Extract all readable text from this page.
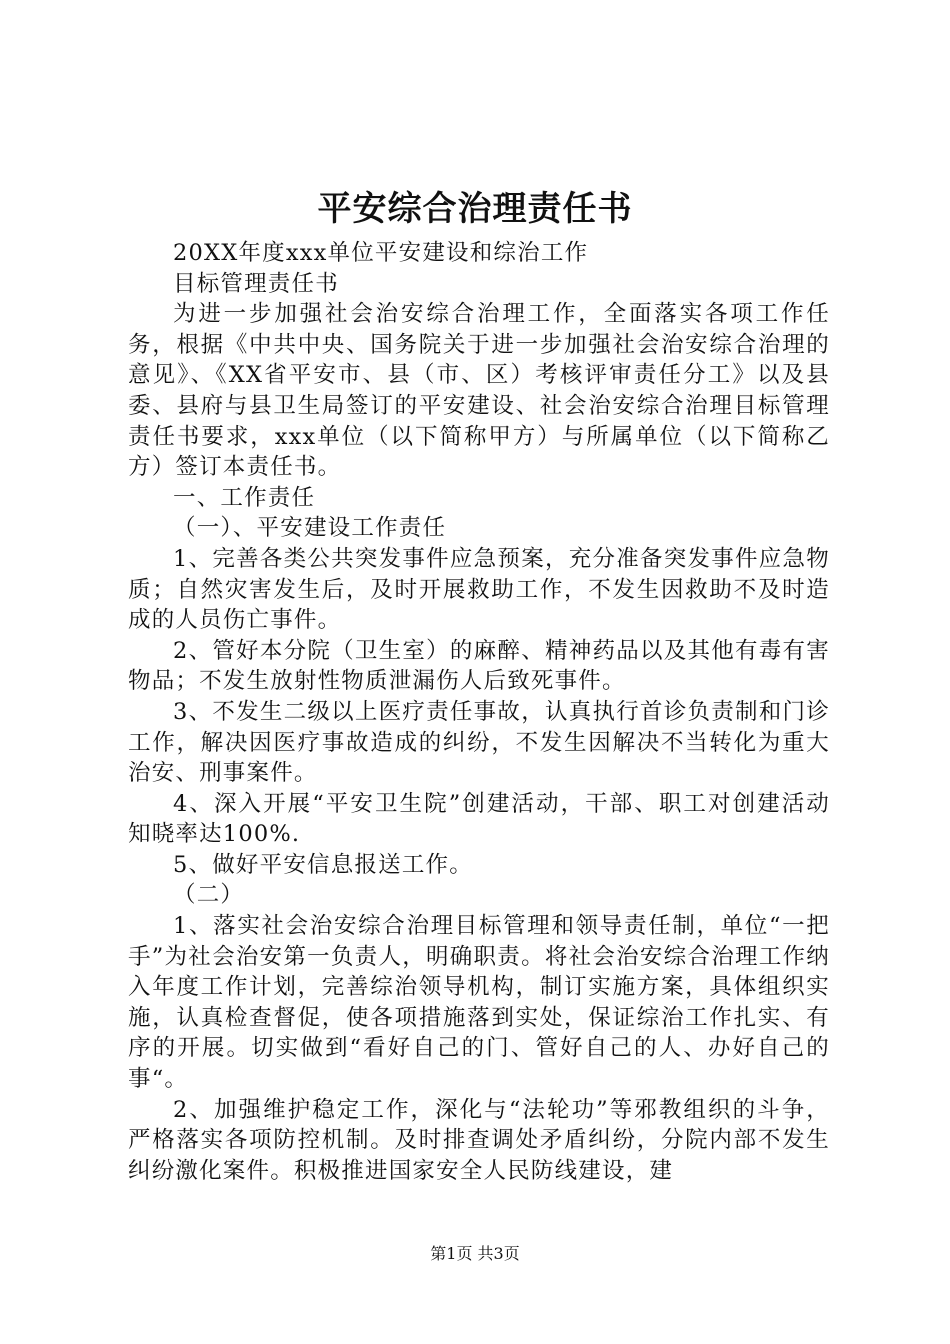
平安综合治理责任书

20XX年度xxx单位平安建设和综治工作

目标管理责任书

为进一步加强社会治安综合治理工作，全面落实各项工作任务，根据《中共中央、国务院关于进一步加强社会治安综合治理的意见》、《XX省平安市、县（市、区）考核评审责任分工》以及县委、县府与县卫生局签订的平安建设、社会治安综合治理目标管理责任书要求，xxx单位（以下简称甲方）与所属单位（以下简称乙方）签订本责任书。

一、工作责任

（一）、平安建设工作责任

1、完善各类公共突发事件应急预案，充分准备突发事件应急物质；自然灾害发生后，及时开展救助工作，不发生因救助不及时造成的人员伤亡事件。

2、管好本分院（卫生室）的麻醉、精神药品以及其他有毒有害物品；不发生放射性物质泄漏伤人后致死事件。

3、不发生二级以上医疗责任事故，认真执行首诊负责制和门诊工作，解决因医疗事故造成的纠纷，不发生因解决不当转化为重大治安、刑事案件。

4、深入开展“平安卫生院”创建活动，干部、职工对创建活动知晓率达100%.

5、做好平安信息报送工作。

（二）

1、落实社会治安综合治理目标管理和领导责任制，单位“一把手”为社会治安第一负责人，明确职责。将社会治安综合治理工作纳入年度工作计划，完善综治领导机构，制订实施方案，具体组织实施，认真检查督促，使各项措施落到实处，保证综治工作扎实、有序的开展。切实做到“看好自己的门、管好自己的人、办好自己的事“。

2、加强维护稳定工作，深化与“法轮功”等邪教组织的斗争，严格落实各项防控机制。及时排查调处矛盾纠纷，分院内部不发生纠纷激化案件。积极推进国家安全人民防线建设，建

第1页 共3页
